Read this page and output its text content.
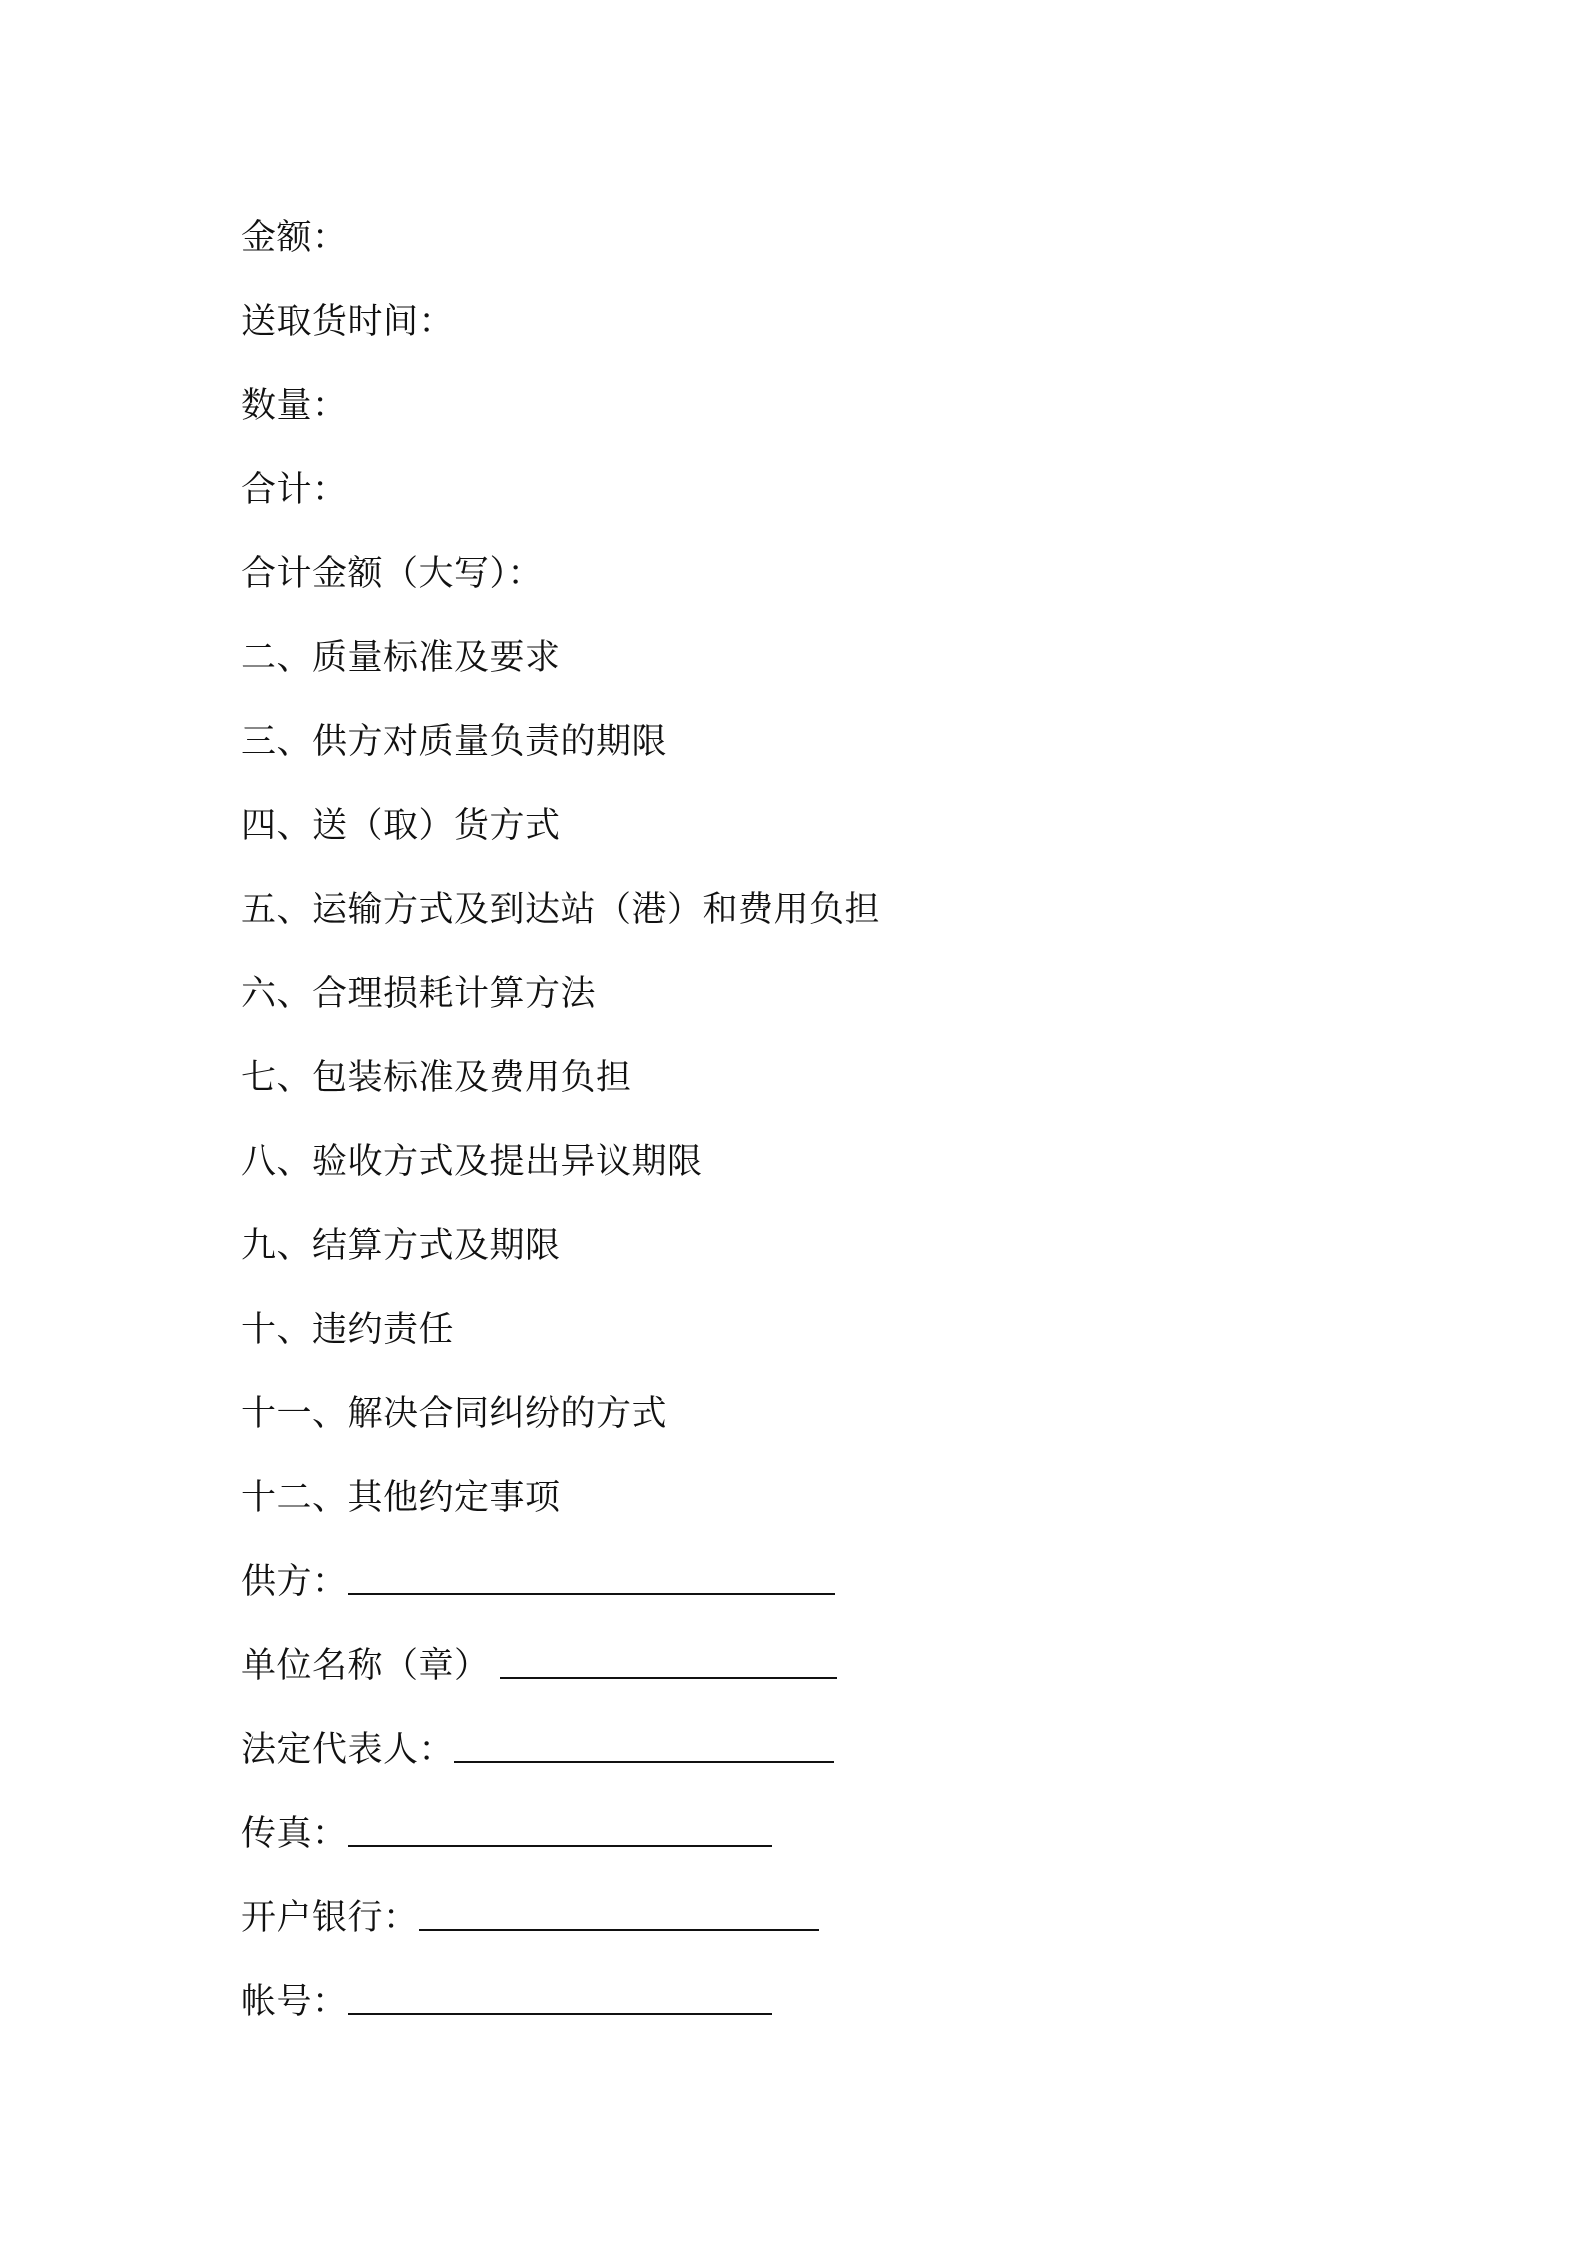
金额：
送取货时间：
数量：
合计：
合计金额（大写）：
二、质量标准及要求
三、供方对质量负责的期限
四、送（取）货方式
五、运输方式及到达站（港）和费用负担
六、合理损耗计算方法
七、包装标准及费用负担
八、验收方式及提出异议期限
九、结算方式及期限
十、违约责任
十一、解决合同纠纷的方式
十二、其他约定事项
供方：
单位名称（章）
法定代表人：
传真：
开户银行：
帐号：
